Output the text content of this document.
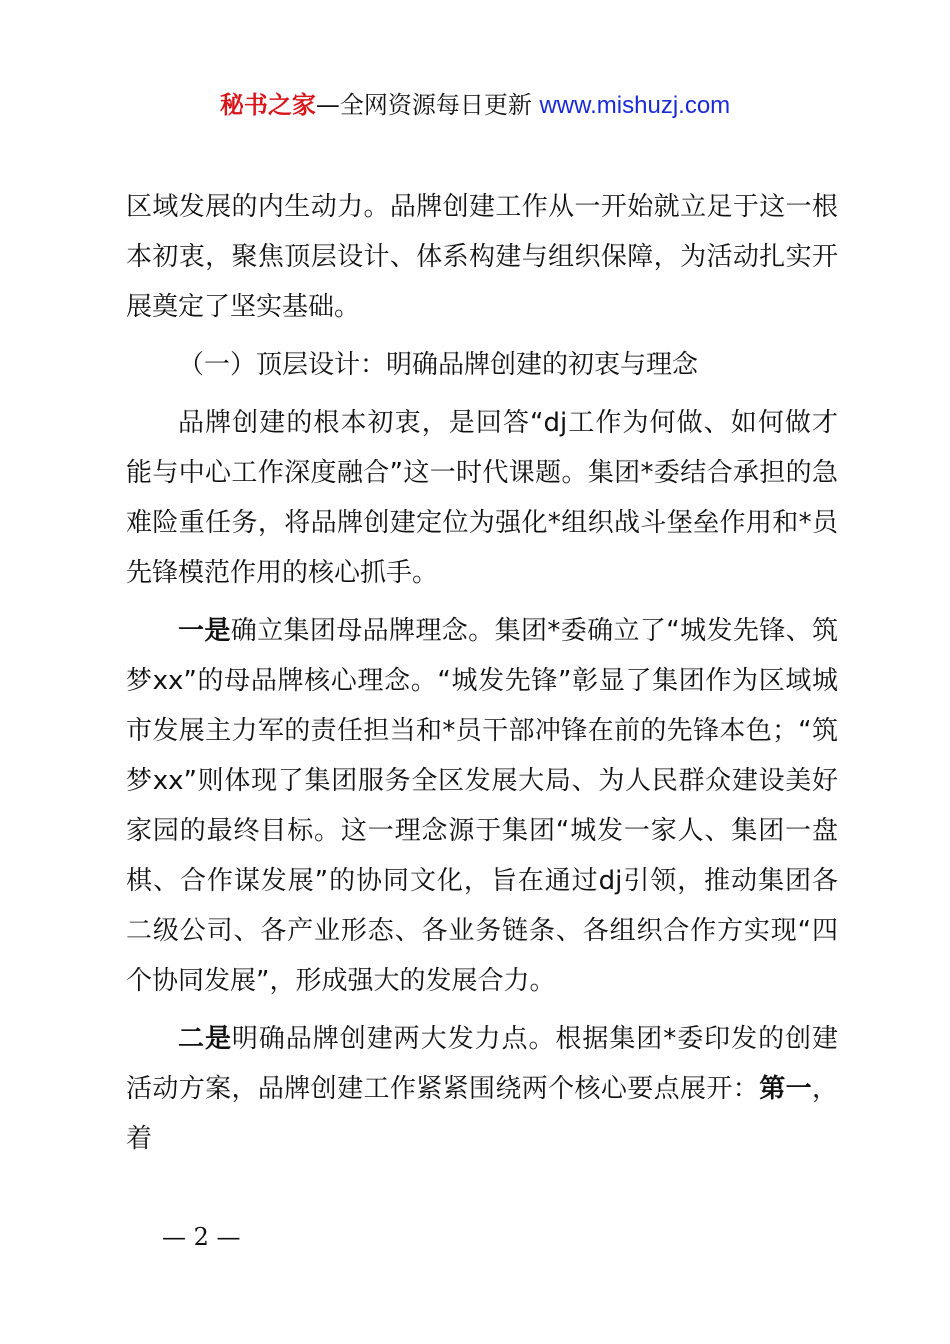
秘书之家—全网资源每日更新 www.mishuzj.com

区域发展的内生动力。品牌创建工作从一开始就立足于这一根本初衷，聚焦顶层设计、体系构建与组织保障，为活动扎实开展奠定了坚实基础。

（一）顶层设计：明确品牌创建的初衷与理念

品牌创建的根本初衷，是回答“dj工作为何做、如何做才能与中心工作深度融合”这一时代课题。集团*委结合承担的急难险重任务，将品牌创建定位为强化*组织战斗堡垒作用和*员先锋模范作用的核心抓手。

一是确立集团母品牌理念。集团*委确立了“城发先锋、筑梦xx”的母品牌核心理念。“城发先锋”彰显了集团作为区域城市发展主力军的责任担当和*员干部冲锋在前的先锋本色；“筑梦xx”则体现了集团服务全区发展大局、为人民群众建设美好家园的最终目标。这一理念源于集团“城发一家人、集团一盘棋、合作谋发展”的协同文化，旨在通过dj引领，推动集团各二级公司、各产业形态、各业务链条、各组织合作方实现“四个协同发展”，形成强大的发展合力。

二是明确品牌创建两大发力点。根据集团*委印发的创建活动方案，品牌创建工作紧紧围绕两个核心要点展开：第一，着

— 2 —
